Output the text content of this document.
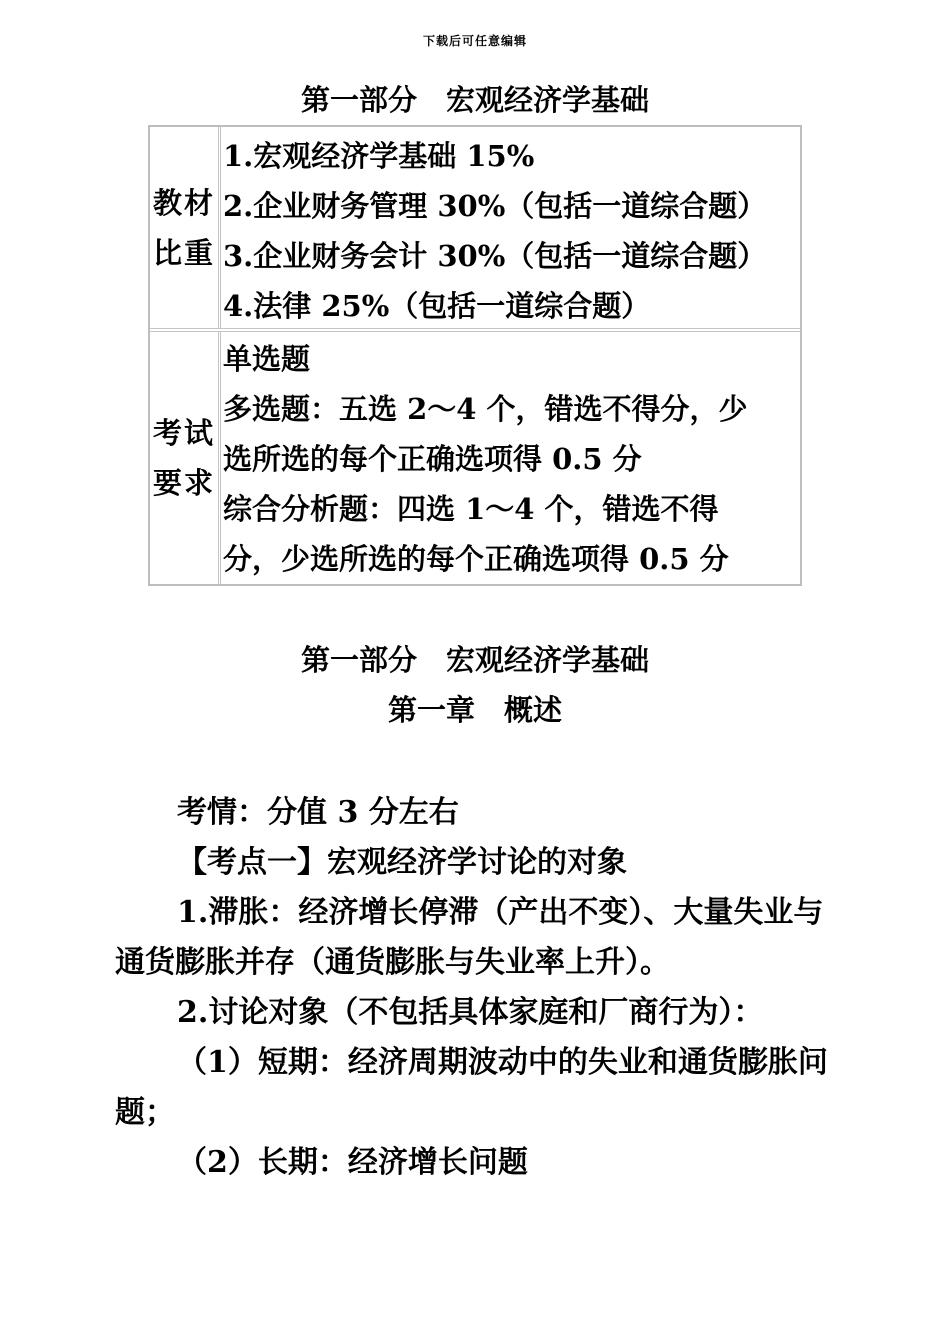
下载后可任意编辑
第一部分　宏观经济学基础
教材比重
1.宏观经济学基础 15%
2.企业财务管理 30%（包括一道综合题）
3.企业财务会计 30%（包括一道综合题）
4.法律 25%（包括一道综合题）
考试要求
单选题
多选题：五选 2～4 个，错选不得分，少
选所选的每个正确选项得 0.5 分
综合分析题：四选 1～4 个，错选不得
分，少选所选的每个正确选项得 0.5 分
第一部分　宏观经济学基础
第一章　概述

考情：分值 3 分左右

【考点一】宏观经济学讨论的对象

1.滞胀：经济增长停滞（产出不变）、大量失业与通货膨胀并存（通货膨胀与失业率上升）。

2.讨论对象（不包括具体家庭和厂商行为）：

（1）短期：经济周期波动中的失业和通货膨胀问题；

（2）长期：经济增长问题
